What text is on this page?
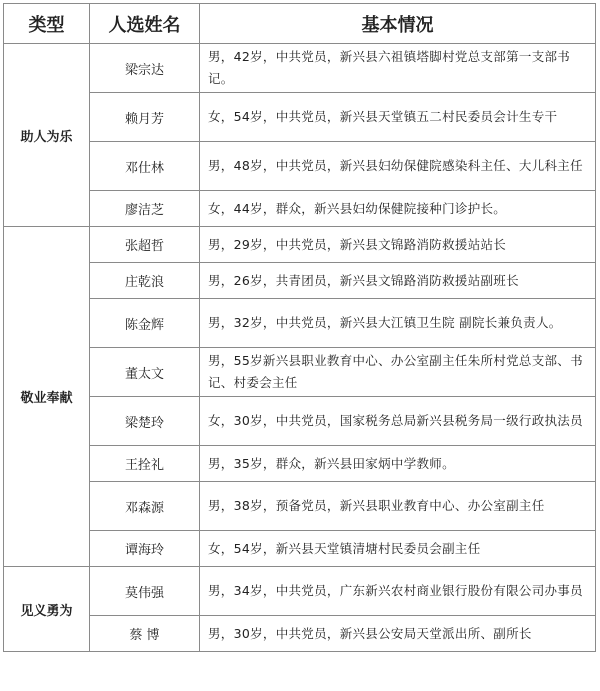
类型	人选姓名	基本情况
助人为乐	梁宗达	男，42岁，中共党员，新兴县六祖镇塔脚村党总支部第一支部书记。
	赖月芳	女，54岁，中共党员，新兴县天堂镇五二村民委员会计生专干
	邓仕林	男，48岁，中共党员，新兴县妇幼保健院感染科主任、大儿科主任
	廖洁芝	女，44岁，群众，新兴县妇幼保健院接种门诊护长。
敬业奉献	张超哲	男，29岁，中共党员，新兴县文锦路消防救援站站长
	庄乾浪	男，26岁，共青团员，新兴县文锦路消防救援站副班长
	陈金辉	男，32岁，中共党员，新兴县大江镇卫生院 副院长兼负责人。
	董太文	男，55岁新兴县职业教育中心、办公室副主任朱所村党总支部、书记、村委会主任
	梁楚玲	女，30岁，中共党员，国家税务总局新兴县税务局一级行政执法员
	王拴礼	男，35岁，群众，新兴县田家炳中学教师。
	邓森源	男，38岁，预备党员，新兴县职业教育中心、办公室副主任
	谭海玲	女，54岁，新兴县天堂镇清塘村民委员会副主任
见义勇为	莫伟强	男，34岁，中共党员，广东新兴农村商业银行股份有限公司办事员
	蔡 博	男，30岁，中共党员，新兴县公安局天堂派出所、副所长
